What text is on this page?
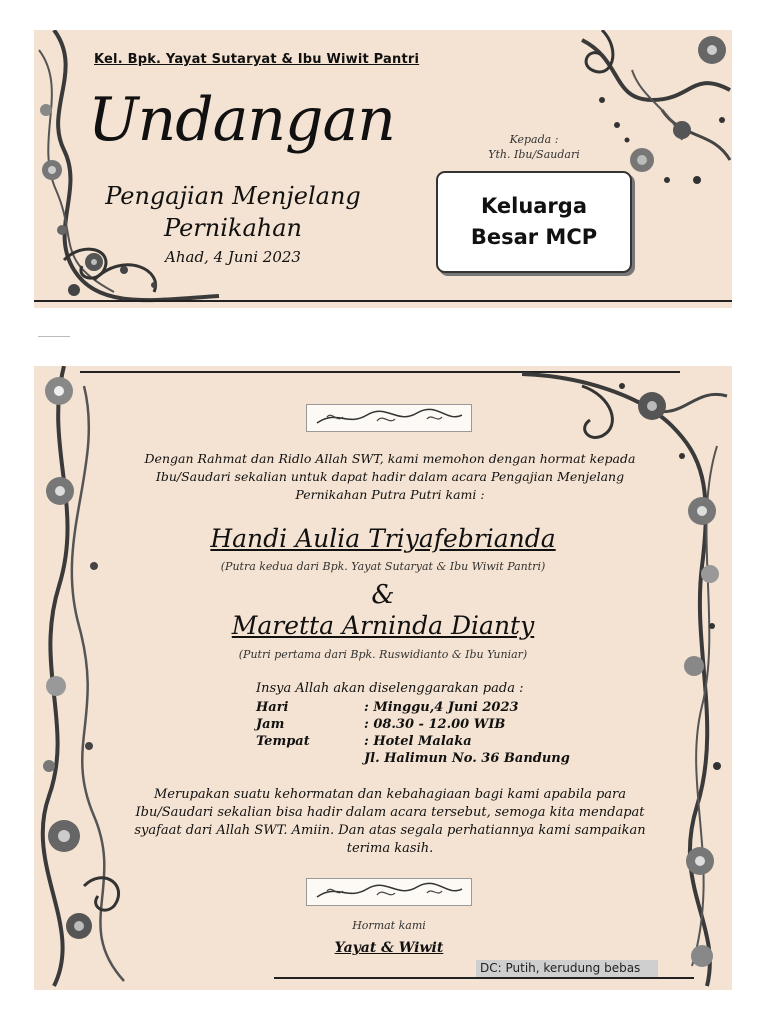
Kel. Bpk. Yayat Sutaryat & Ibu Wiwit Pantri
Undangan
Pengajian Menjelang Pernikahan
Ahad, 4 Juni 2023
Kepada :
Yth. Ibu/Saudari
Keluarga
Besar MCP
Dengan Rahmat dan Ridlo Allah SWT, kami memohon dengan hormat kepada Ibu/Saudari sekalian untuk dapat hadir dalam acara Pengajian Menjelang Pernikahan Putra Putri kami :
Handi Aulia Triyafebrianda
(Putra kedua dari Bpk. Yayat Sutaryat & Ibu Wiwit Pantri)
&
Maretta Arninda Dianty
(Putri pertama dari Bpk. Ruswidianto & Ibu Yuniar)
Insya Allah akan diselenggarakan pada :
Hari	: Minggu,4 Juni 2023
Jam	: 08.30 - 12.00 WIB
Tempat	: Hotel Malaka
Jl. Halimun No. 36 Bandung
Merupakan suatu kehormatan dan kebahagiaan bagi kami apabila para Ibu/Saudari sekalian bisa hadir dalam acara tersebut, semoga kita mendapat syafaat dari Allah SWT. Amiin. Dan atas segala perhatiannya kami sampaikan terima kasih.
Hormat kami
Yayat & Wiwit
DC: Putih, kerudung bebas
